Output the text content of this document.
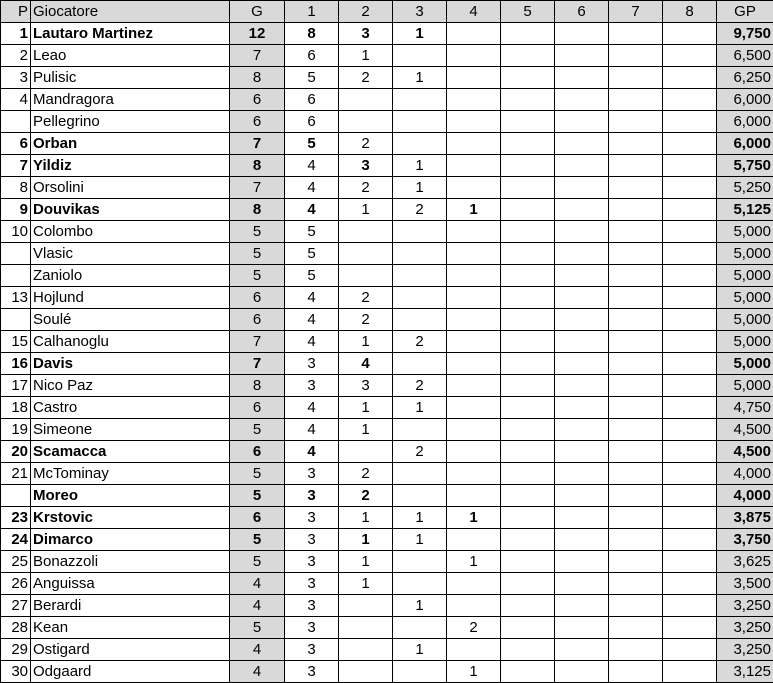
P	Giocatore	G	1	2	3	4	5	6	7	8	GP
1	Lautaro Martinez	12	8	3	1						9,750
2	Leao	7	6	1							6,500
3	Pulisic	8	5	2	1						6,250
4	Mandragora	6	6								6,000
	Pellegrino	6	6								6,000
6	Orban	7	5	2							6,000
7	Yildiz	8	4	3	1						5,750
8	Orsolini	7	4	2	1						5,250
9	Douvikas	8	4	1	2	1					5,125
10	Colombo	5	5								5,000
	Vlasic	5	5								5,000
	Zaniolo	5	5								5,000
13	Hojlund	6	4	2							5,000
	Soulé	6	4	2							5,000
15	Calhanoglu	7	4	1	2						5,000
16	Davis	7	3	4							5,000
17	Nico Paz	8	3	3	2						5,000
18	Castro	6	4	1	1						4,750
19	Simeone	5	4	1							4,500
20	Scamacca	6	4		2						4,500
21	McTominay	5	3	2							4,000
	Moreo	5	3	2							4,000
23	Krstovic	6	3	1	1	1					3,875
24	Dimarco	5	3	1	1						3,750
25	Bonazzoli	5	3	1		1					3,625
26	Anguissa	4	3	1							3,500
27	Berardi	4	3		1						3,250
28	Kean	5	3			2					3,250
29	Ostigard	4	3		1						3,250
30	Odgaard	4	3			1					3,125
